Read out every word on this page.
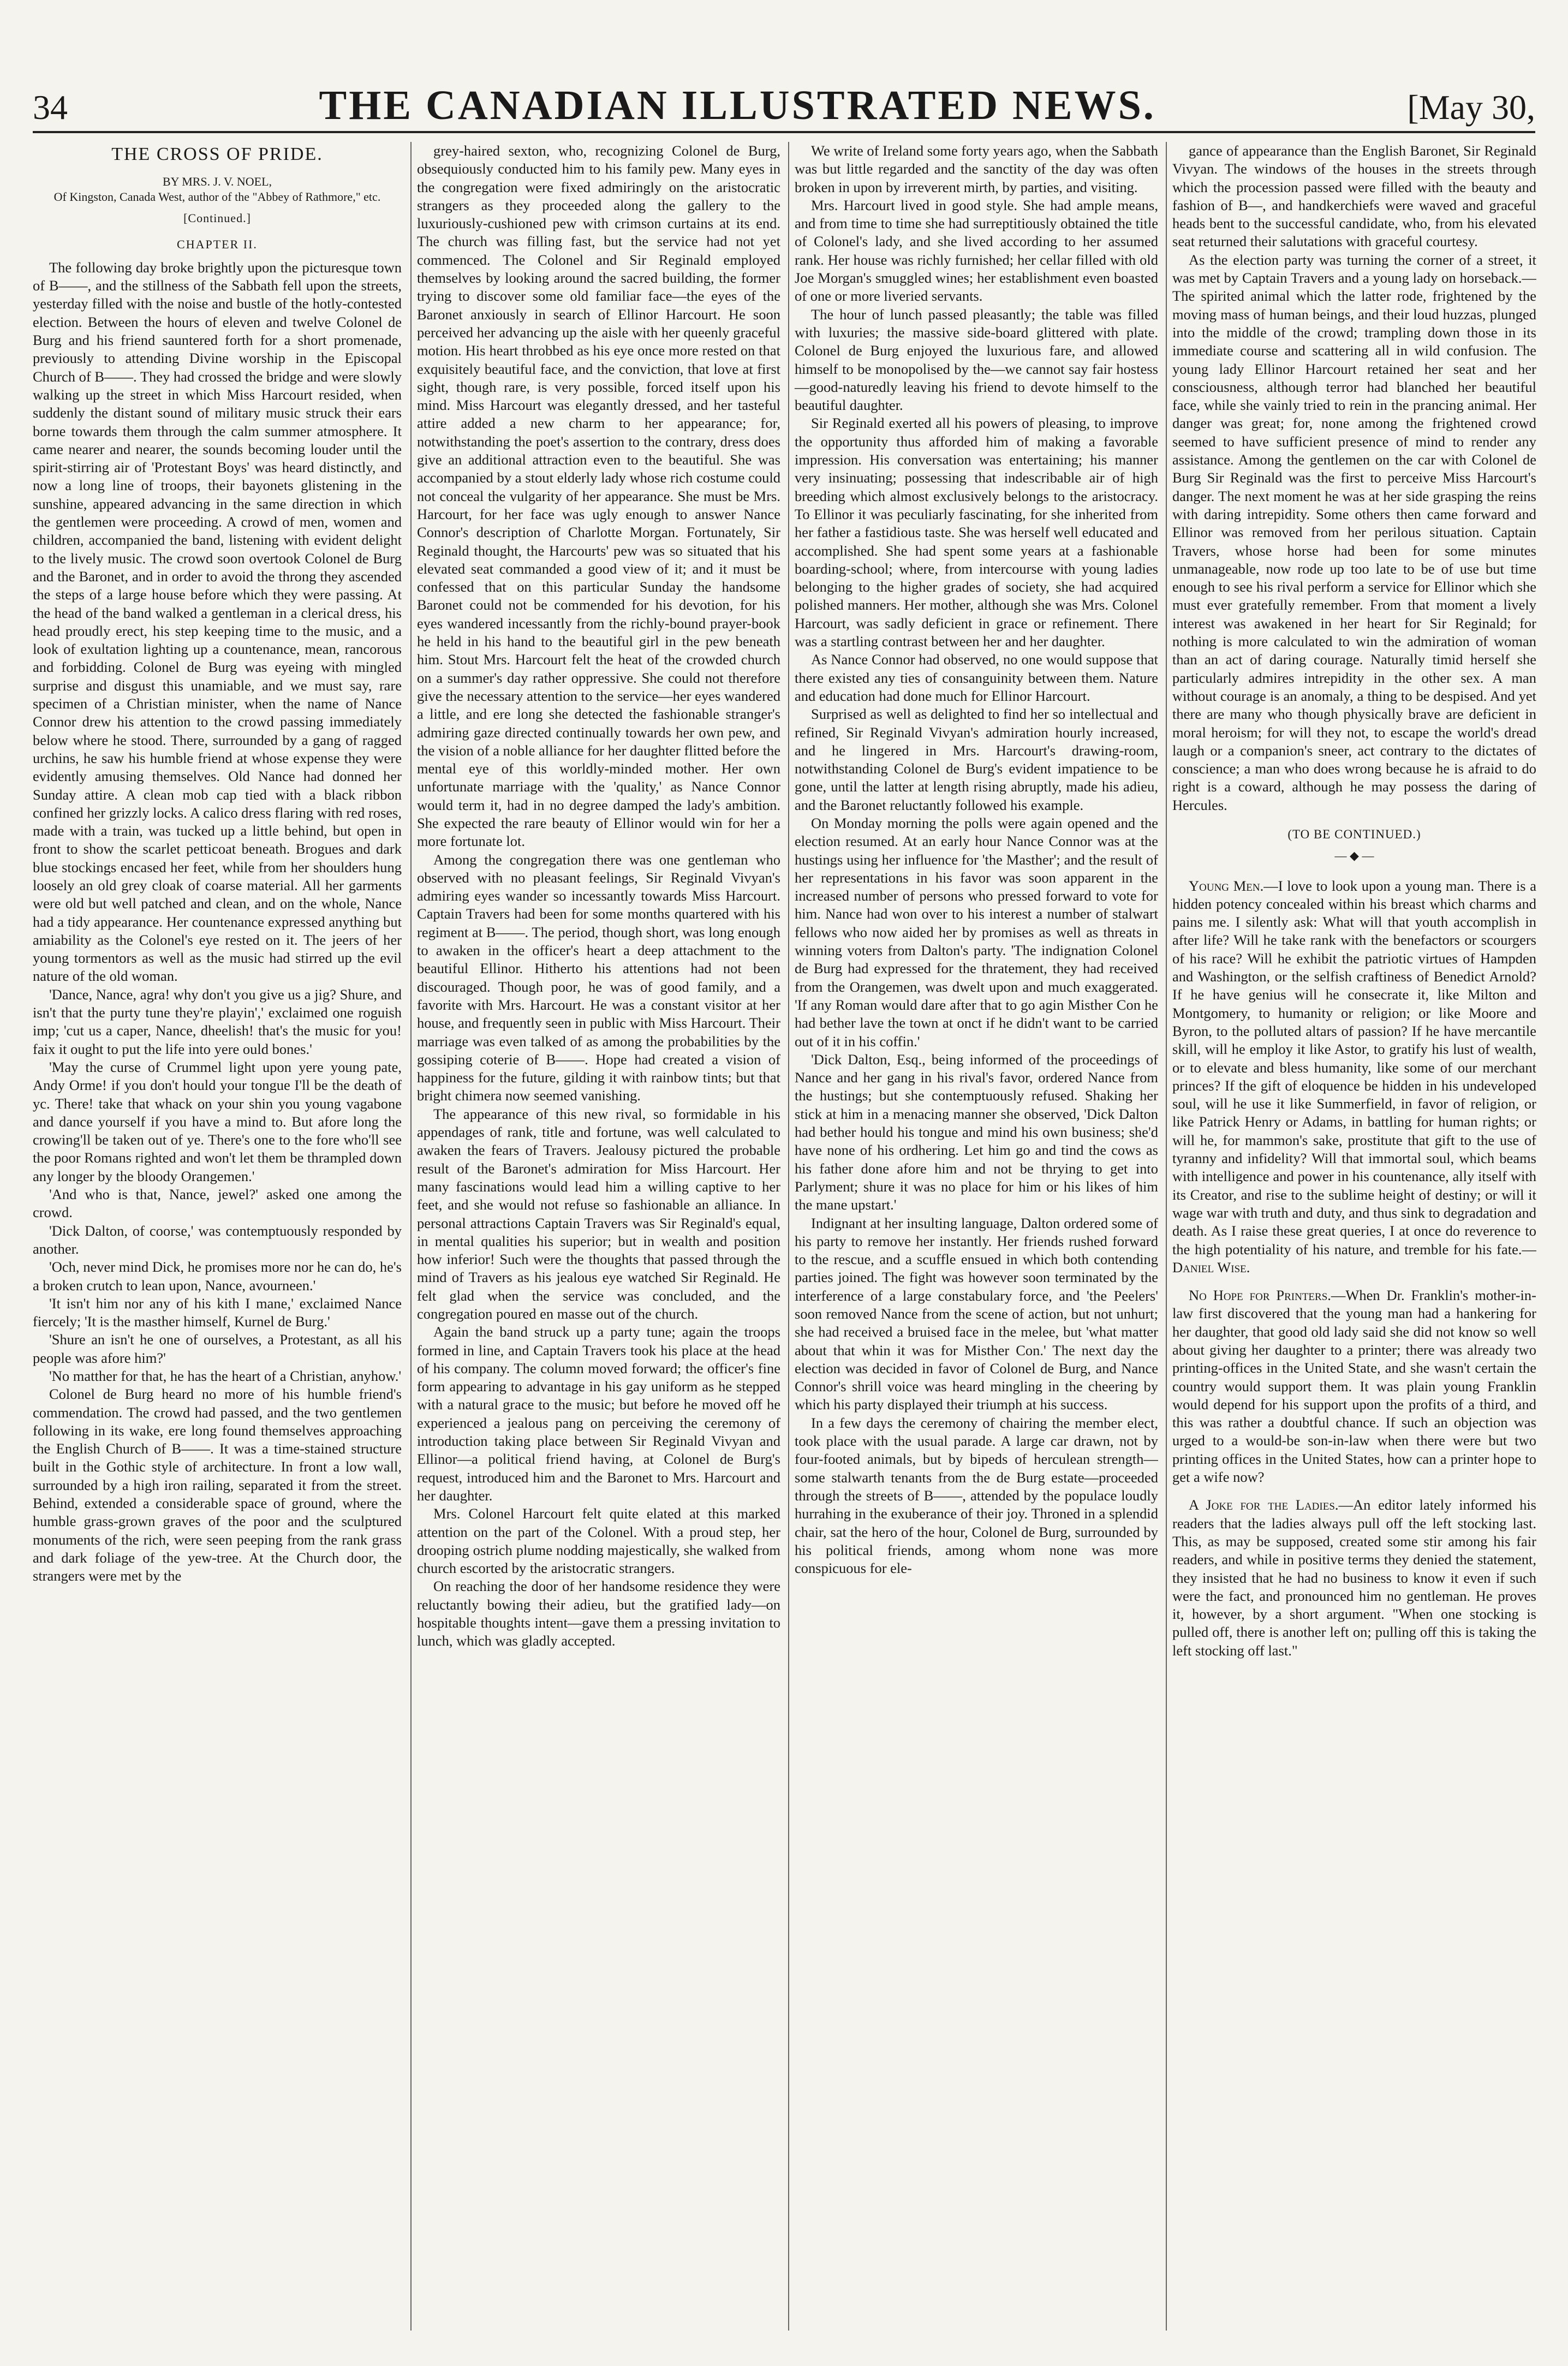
34	THE CANADIAN ILLUSTRATED NEWS.	[May 30,

THE CROSS OF PRIDE.

BY MRS. J. V. NOEL,

Of Kingston, Canada West, author of the "Abbey of Rathmore," etc.

[Continued.]

CHAPTER II.

The following day broke brightly upon the picturesque town of B——, and the stillness of the Sabbath fell upon the streets, yesterday filled with the noise and bustle of the hotly-contested election. Between the hours of eleven and twelve Colonel de Burg and his friend sauntered forth for a short promenade, previously to attending Divine worship in the Episcopal Church of B——. They had crossed the bridge and were slowly walking up the street in which Miss Harcourt resided, when suddenly the distant sound of military music struck their ears borne towards them through the calm summer atmosphere. It came nearer and nearer, the sounds becoming louder until the spirit-stirring air of 'Protestant Boys' was heard distinctly, and now a long line of troops, their bayonets glistening in the sunshine, appeared advancing in the same direction in which the gentlemen were proceeding. A crowd of men, women and children, accompanied the band, listening with evident delight to the lively music. The crowd soon overtook Colonel de Burg and the Baronet, and in order to avoid the throng they ascended the steps of a large house before which they were passing. At the head of the band walked a gentleman in a clerical dress, his head proudly erect, his step keeping time to the music, and a look of exultation lighting up a countenance, mean, rancorous and forbidding. Colonel de Burg was eyeing with mingled surprise and disgust this unamiable, and we must say, rare specimen of a Christian minister, when the name of Nance Connor drew his attention to the crowd passing immediately below where he stood. There, surrounded by a gang of ragged urchins, he saw his humble friend at whose expense they were evidently amusing themselves. Old Nance had donned her Sunday attire. A clean mob cap tied with a black ribbon confined her grizzly locks. A calico dress flaring with red roses, made with a train, was tucked up a little behind, but open in front to show the scarlet petticoat beneath. Brogues and dark blue stockings encased her feet, while from her shoulders hung loosely an old grey cloak of coarse material. All her garments were old but well patched and clean, and on the whole, Nance had a tidy appearance. Her countenance expressed anything but amiability as the Colonel's eye rested on it. The jeers of her young tormentors as well as the music had stirred up the evil nature of the old woman.

'Dance, Nance, agra! why don't you give us a jig? Shure, and isn't that the purty tune they're playin',' exclaimed one roguish imp; 'cut us a caper, Nance, dheelish! that's the music for you! faix it ought to put the life into yere ould bones.'

'May the curse of Crummel light upon yere young pate, Andy Orme! if you don't hould your tongue I'll be the death of yc. There! take that whack on your shin you young vagabone and dance yourself if you have a mind to. But afore long the crowing'll be taken out of ye. There's one to the fore who'll see the poor Romans righted and won't let them be thrampled down any longer by the bloody Orangemen.'

'And who is that, Nance, jewel?' asked one among the crowd.

'Dick Dalton, of coorse,' was contemptuously responded by another.

'Och, never mind Dick, he promises more nor he can do, he's a broken crutch to lean upon, Nance, avourneen.'

'It isn't him nor any of his kith I mane,' exclaimed Nance fiercely; 'It is the masther himself, Kurnel de Burg.'

'Shure an isn't he one of ourselves, a Protestant, as all his people was afore him?'

'No matther for that, he has the heart of a Christian, anyhow.'

Colonel de Burg heard no more of his humble friend's commendation. The crowd had passed, and the two gentlemen following in its wake, ere long found themselves approaching the English Church of B——. It was a time-stained structure built in the Gothic style of architecture. In front a low wall, surrounded by a high iron railing, separated it from the street. Behind, extended a considerable space of ground, where the humble grass-grown graves of the poor and the sculptured monuments of the rich, were seen peeping from the rank grass and dark foliage of the yew-tree. At the Church door, the strangers were met by the

grey-haired sexton, who, recognizing Colonel de Burg, obsequiously conducted him to his family pew. Many eyes in the congregation were fixed admiringly on the aristocratic strangers as they proceeded along the gallery to the luxuriously-cushioned pew with crimson curtains at its end. The church was filling fast, but the service had not yet commenced. The Colonel and Sir Reginald employed themselves by looking around the sacred building, the former trying to discover some old familiar face—the eyes of the Baronet anxiously in search of Ellinor Harcourt. He soon perceived her advancing up the aisle with her queenly graceful motion. His heart throbbed as his eye once more rested on that exquisitely beautiful face, and the conviction, that love at first sight, though rare, is very possible, forced itself upon his mind. Miss Harcourt was elegantly dressed, and her tasteful attire added a new charm to her appearance; for, notwithstanding the poet's assertion to the contrary, dress does give an additional attraction even to the beautiful. She was accompanied by a stout elderly lady whose rich costume could not conceal the vulgarity of her appearance. She must be Mrs. Harcourt, for her face was ugly enough to answer Nance Connor's description of Charlotte Morgan. Fortunately, Sir Reginald thought, the Harcourts' pew was so situated that his elevated seat commanded a good view of it; and it must be confessed that on this particular Sunday the handsome Baronet could not be commended for his devotion, for his eyes wandered incessantly from the richly-bound prayer-book he held in his hand to the beautiful girl in the pew beneath him. Stout Mrs. Harcourt felt the heat of the crowded church on a summer's day rather oppressive. She could not therefore give the necessary attention to the service—her eyes wandered a little, and ere long she detected the fashionable stranger's admiring gaze directed continually towards her own pew, and the vision of a noble alliance for her daughter flitted before the mental eye of this worldly-minded mother. Her own unfortunate marriage with the 'quality,' as Nance Connor would term it, had in no degree damped the lady's ambition. She expected the rare beauty of Ellinor would win for her a more fortunate lot.

Among the congregation there was one gentleman who observed with no pleasant feelings, Sir Reginald Vivyan's admiring eyes wander so incessantly towards Miss Harcourt. Captain Travers had been for some months quartered with his regiment at B——. The period, though short, was long enough to awaken in the officer's heart a deep attachment to the beautiful Ellinor. Hitherto his attentions had not been discouraged. Though poor, he was of good family, and a favorite with Mrs. Harcourt. He was a constant visitor at her house, and frequently seen in public with Miss Harcourt. Their marriage was even talked of as among the probabilities by the gossiping coterie of B——. Hope had created a vision of happiness for the future, gilding it with rainbow tints; but that bright chimera now seemed vanishing.

The appearance of this new rival, so formidable in his appendages of rank, title and fortune, was well calculated to awaken the fears of Travers. Jealousy pictured the probable result of the Baronet's admiration for Miss Harcourt. Her many fascinations would lead him a willing captive to her feet, and she would not refuse so fashionable an alliance. In personal attractions Captain Travers was Sir Reginald's equal, in mental qualities his superior; but in wealth and position how inferior! Such were the thoughts that passed through the mind of Travers as his jealous eye watched Sir Reginald. He felt glad when the service was concluded, and the congregation poured en masse out of the church.

Again the band struck up a party tune; again the troops formed in line, and Captain Travers took his place at the head of his company. The column moved forward; the officer's fine form appearing to advantage in his gay uniform as he stepped with a natural grace to the music; but before he moved off he experienced a jealous pang on perceiving the ceremony of introduction taking place between Sir Reginald Vivyan and Ellinor—a political friend having, at Colonel de Burg's request, introduced him and the Baronet to Mrs. Harcourt and her daughter.

Mrs. Colonel Harcourt felt quite elated at this marked attention on the part of the Colonel. With a proud step, her drooping ostrich plume nodding majestically, she walked from church escorted by the aristocratic strangers.

On reaching the door of her handsome residence they were reluctantly bowing their adieu, but the gratified lady—on hospitable thoughts intent—gave them a pressing invitation to lunch, which was gladly accepted.

We write of Ireland some forty years ago, when the Sabbath was but little regarded and the sanctity of the day was often broken in upon by irreverent mirth, by parties, and visiting.

Mrs. Harcourt lived in good style. She had ample means, and from time to time she had surreptitiously obtained the title of Colonel's lady, and she lived according to her assumed rank. Her house was richly furnished; her cellar filled with old Joe Morgan's smuggled wines; her establishment even boasted of one or more liveried servants.

The hour of lunch passed pleasantly; the table was filled with luxuries; the massive side-board glittered with plate. Colonel de Burg enjoyed the luxurious fare, and allowed himself to be monopolised by the—we cannot say fair hostess—good-naturedly leaving his friend to devote himself to the beautiful daughter.

Sir Reginald exerted all his powers of pleasing, to improve the opportunity thus afforded him of making a favorable impression. His conversation was entertaining; his manner very insinuating; possessing that indescribable air of high breeding which almost exclusively belongs to the aristocracy. To Ellinor it was peculiarly fascinating, for she inherited from her father a fastidious taste. She was herself well educated and accomplished. She had spent some years at a fashionable boarding-school; where, from intercourse with young ladies belonging to the higher grades of society, she had acquired polished manners. Her mother, although she was Mrs. Colonel Harcourt, was sadly deficient in grace or refinement. There was a startling contrast between her and her daughter.

As Nance Connor had observed, no one would suppose that there existed any ties of consanguinity between them. Nature and education had done much for Ellinor Harcourt.

Surprised as well as delighted to find her so intellectual and refined, Sir Reginald Vivyan's admiration hourly increased, and he lingered in Mrs. Harcourt's drawing-room, notwithstanding Colonel de Burg's evident impatience to be gone, until the latter at length rising abruptly, made his adieu, and the Baronet reluctantly followed his example.

On Monday morning the polls were again opened and the election resumed. At an early hour Nance Connor was at the hustings using her influence for 'the Masther'; and the result of her representations in his favor was soon apparent in the increased number of persons who pressed forward to vote for him. Nance had won over to his interest a number of stalwart fellows who now aided her by promises as well as threats in winning voters from Dalton's party. 'The indignation Colonel de Burg had expressed for the thratement, they had received from the Orangemen, was dwelt upon and much exaggerated. 'If any Roman would dare after that to go agin Misther Con he had bether lave the town at onct if he didn't want to be carried out of it in his coffin.'

'Dick Dalton, Esq., being informed of the proceedings of Nance and her gang in his rival's favor, ordered Nance from the hustings; but she contemptuously refused. Shaking her stick at him in a menacing manner she observed, 'Dick Dalton had bether hould his tongue and mind his own business; she'd have none of his ordhering. Let him go and tind the cows as his father done afore him and not be thrying to get into Parlyment; shure it was no place for him or his likes of him the mane upstart.'

Indignant at her insulting language, Dalton ordered some of his party to remove her instantly. Her friends rushed forward to the rescue, and a scuffle ensued in which both contending parties joined. The fight was however soon terminated by the interference of a large constabulary force, and 'the Peelers' soon removed Nance from the scene of action, but not unhurt; she had received a bruised face in the melee, but 'what matter about that whin it was for Misther Con.' The next day the election was decided in favor of Colonel de Burg, and Nance Connor's shrill voice was heard mingling in the cheering by which his party displayed their triumph at his success.

In a few days the ceremony of chairing the member elect, took place with the usual parade. A large car drawn, not by four-footed animals, but by bipeds of herculean strength—some stalwarth tenants from the de Burg estate—proceeded through the streets of B——, attended by the populace loudly hurrahing in the exuberance of their joy. Throned in a splendid chair, sat the hero of the hour, Colonel de Burg, surrounded by his political friends, among whom none was more conspicuous for ele-

gance of appearance than the English Baronet, Sir Reginald Vivyan. The windows of the houses in the streets through which the procession passed were filled with the beauty and fashion of B—, and handkerchiefs were waved and graceful heads bent to the successful candidate, who, from his elevated seat returned their salutations with graceful courtesy.

As the election party was turning the corner of a street, it was met by Captain Travers and a young lady on horseback.—The spirited animal which the latter rode, frightened by the moving mass of human beings, and their loud huzzas, plunged into the middle of the crowd; trampling down those in its immediate course and scattering all in wild confusion. The young lady Ellinor Harcourt retained her seat and her consciousness, although terror had blanched her beautiful face, while she vainly tried to rein in the prancing animal. Her danger was great; for, none among the frightened crowd seemed to have sufficient presence of mind to render any assistance. Among the gentlemen on the car with Colonel de Burg Sir Reginald was the first to perceive Miss Harcourt's danger. The next moment he was at her side grasping the reins with daring intrepidity. Some others then came forward and Ellinor was removed from her perilous situation. Captain Travers, whose horse had been for some minutes unmanageable, now rode up too late to be of use but time enough to see his rival perform a service for Ellinor which she must ever gratefully remember. From that moment a lively interest was awakened in her heart for Sir Reginald; for nothing is more calculated to win the admiration of woman than an act of daring courage. Naturally timid herself she particularly admires intrepidity in the other sex. A man without courage is an anomaly, a thing to be despised. And yet there are many who though physically brave are deficient in moral heroism; for will they not, to escape the world's dread laugh or a companion's sneer, act contrary to the dictates of conscience; a man who does wrong because he is afraid to do right is a coward, although he may possess the daring of Hercules.

(TO BE CONTINUED.)

— ◆ —

Young Men.—I love to look upon a young man. There is a hidden potency concealed within his breast which charms and pains me. I silently ask: What will that youth accomplish in after life? Will he take rank with the benefactors or scourgers of his race? Will he exhibit the patriotic virtues of Hampden and Washington, or the selfish craftiness of Benedict Arnold? If he have genius will he consecrate it, like Milton and Montgomery, to humanity or religion; or like Moore and Byron, to the polluted altars of passion? If he have mercantile skill, will he employ it like Astor, to gratify his lust of wealth, or to elevate and bless humanity, like some of our merchant princes? If the gift of eloquence be hidden in his undeveloped soul, will he use it like Summerfield, in favor of religion, or like Patrick Henry or Adams, in battling for human rights; or will he, for mammon's sake, prostitute that gift to the use of tyranny and infidelity? Will that immortal soul, which beams with intelligence and power in his countenance, ally itself with its Creator, and rise to the sublime height of destiny; or will it wage war with truth and duty, and thus sink to degradation and death. As I raise these great queries, I at once do reverence to the high potentiality of his nature, and tremble for his fate.—Daniel Wise.

No Hope for Printers.—When Dr. Franklin's mother-in-law first discovered that the young man had a hankering for her daughter, that good old lady said she did not know so well about giving her daughter to a printer; there was already two printing-offices in the United State, and she wasn't certain the country would support them. It was plain young Franklin would depend for his support upon the profits of a third, and this was rather a doubtful chance. If such an objection was urged to a would-be son-in-law when there were but two printing offices in the United States, how can a printer hope to get a wife now?

A Joke for the Ladies.—An editor lately informed his readers that the ladies always pull off the left stocking last. This, as may be supposed, created some stir among his fair readers, and while in positive terms they denied the statement, they insisted that he had no business to know it even if such were the fact, and pronounced him no gentleman. He proves it, however, by a short argument. "When one stocking is pulled off, there is another left on; pulling off this is taking the left stocking off last."
